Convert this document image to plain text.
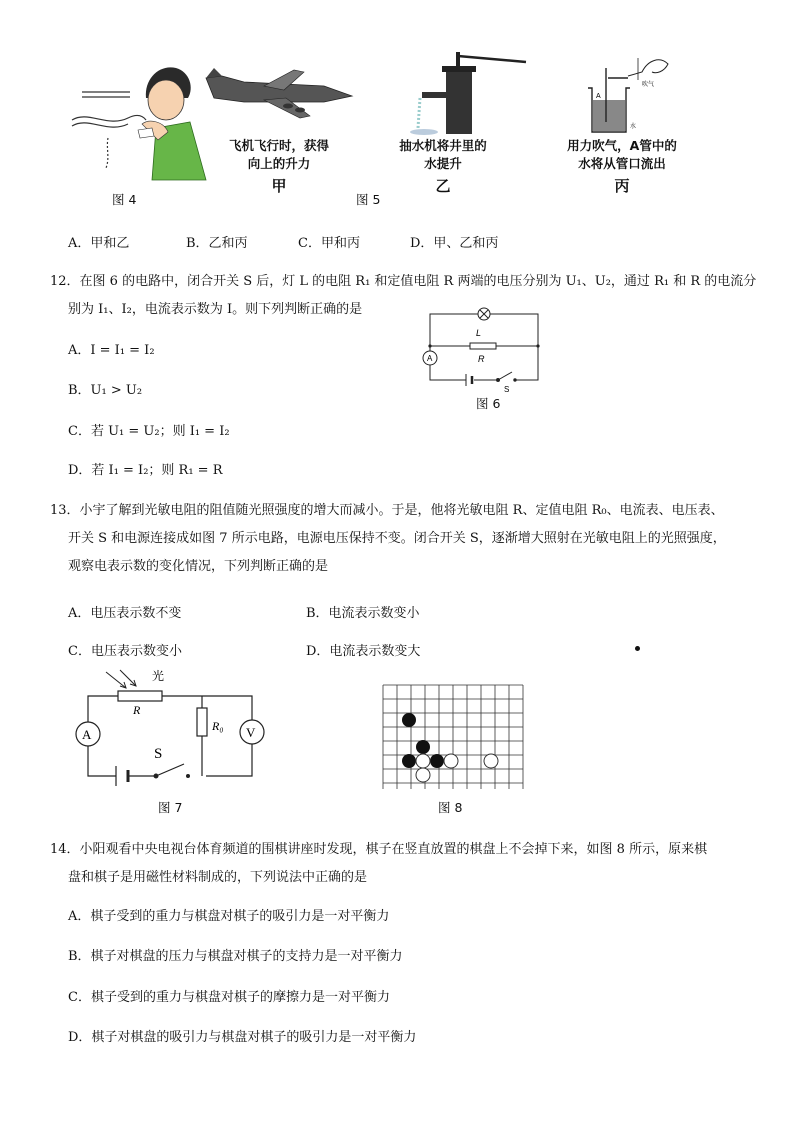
图 4
飞机飞行时，获得
向上的升力
甲
抽水机将井里的
水提升
乙
A
吹气
水
用力吹气，A管中的
水将从管口流出
丙
图 5
A．甲和乙	B．乙和丙	C．甲和丙	D．甲、乙和丙
12．在图 6 的电路中，闭合开关 S 后，灯 L 的电阻 R₁ 和定值电阻 R 两端的电压分别为 U₁、U₂，通过 R₁ 和 R 的电流分
别为 I₁、I₂，电流表示数为 I。则下列判断正确的是
A．I = I₁ = I₂
B．U₁ > U₂
C．若 U₁ = U₂；则 I₁ = I₂
D．若 I₁ = I₂；则 R₁ = R
L
R
A
S
图 6
13．小宇了解到光敏电阻的阻值随光照强度的增大而减小。于是，他将光敏电阻 R、定值电阻 R₀、电流表、电压表、
开关 S 和电源连接成如图 7 所示电路，电源电压保持不变。闭合开关 S，逐渐增大照射在光敏电阻上的光照强度，
观察电表示数的变化情况，下列判断正确的是
A．电压表示数不变	B．电流表示数变小
C．电压表示数变小	D．电流表示数变大
光
R
R₀
A	V
S
图 7	图 8
14．小阳观看中央电视台体育频道的围棋讲座时发现，棋子在竖直放置的棋盘上不会掉下来，如图 8 所示，原来棋
盘和棋子是用磁性材料制成的，下列说法中正确的是
A．棋子受到的重力与棋盘对棋子的吸引力是一对平衡力
B．棋子对棋盘的压力与棋盘对棋子的支持力是一对平衡力
C．棋子受到的重力与棋盘对棋子的摩擦力是一对平衡力
D．棋子对棋盘的吸引力与棋盘对棋子的吸引力是一对平衡力
